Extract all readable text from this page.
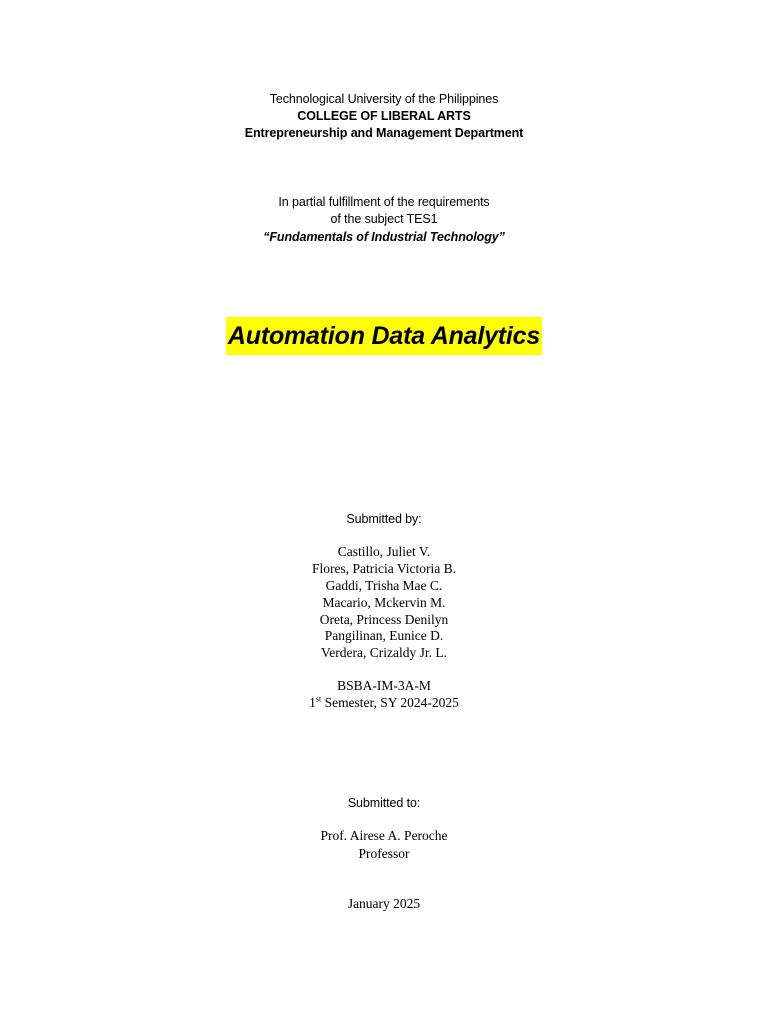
Technological University of the Philippines
COLLEGE OF LIBERAL ARTS
Entrepreneurship and Management Department
In partial fulfillment of the requirements
of the subject TES1
“Fundamentals of Industrial Technology”
Automation Data Analytics
Submitted by:
Castillo, Juliet V.
Flores, Patricia Victoria B.
Gaddi, Trisha Mae C.
Macario, Mckervin M.
Oreta, Princess Denilyn
Pangilinan, Eunice D.
Verdera, Crizaldy Jr. L.
BSBA-IM-3A-M
1st Semester, SY 2024-2025
Submitted to:
Prof. Airese A. Peroche
Professor
January 2025
